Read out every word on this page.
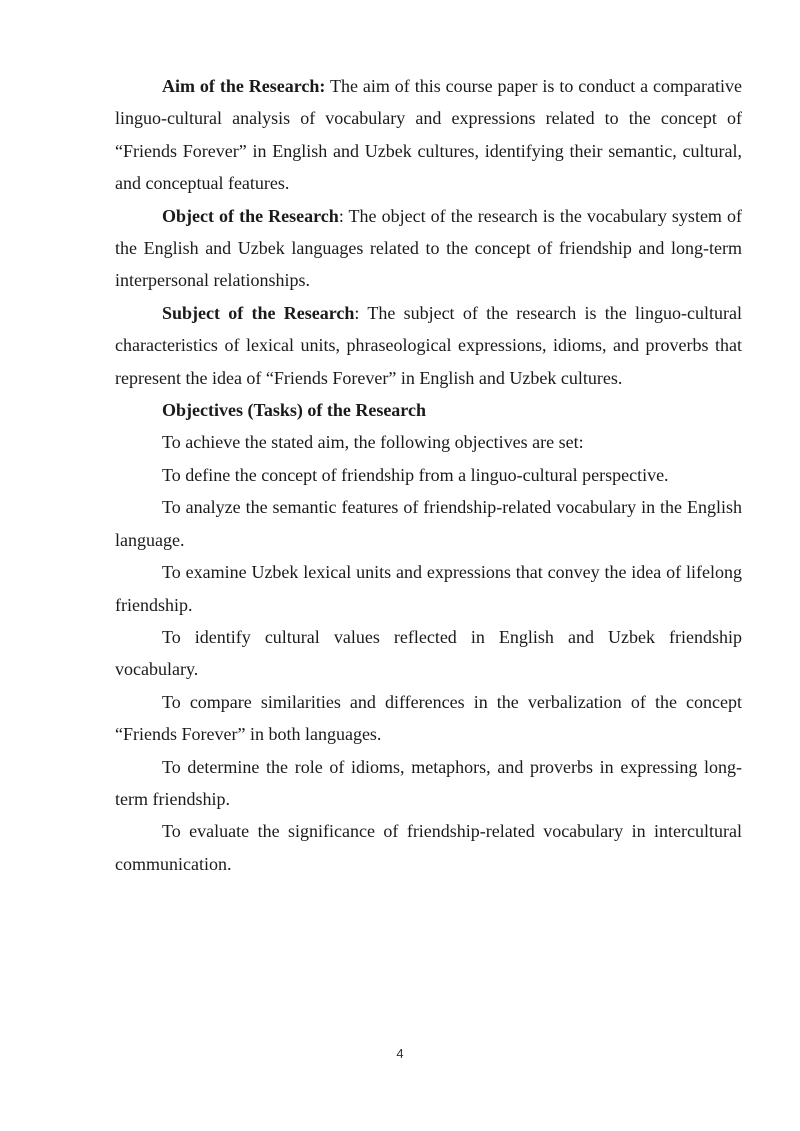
Aim of the Research: The aim of this course paper is to conduct a comparative linguo-cultural analysis of vocabulary and expressions related to the concept of “Friends Forever” in English and Uzbek cultures, identifying their semantic, cultural, and conceptual features.

Object of the Research: The object of the research is the vocabulary system of the English and Uzbek languages related to the concept of friendship and long-term interpersonal relationships.

Subject of the Research: The subject of the research is the linguo-cultural characteristics of lexical units, phraseological expressions, idioms, and proverbs that represent the idea of “Friends Forever” in English and Uzbek cultures.

Objectives (Tasks) of the Research

To achieve the stated aim, the following objectives are set:

To define the concept of friendship from a linguo-cultural perspective.

To analyze the semantic features of friendship-related vocabulary in the English language.

To examine Uzbek lexical units and expressions that convey the idea of lifelong friendship.

To identify cultural values reflected in English and Uzbek friendship vocabulary.

To compare similarities and differences in the verbalization of the concept “Friends Forever” in both languages.

To determine the role of idioms, metaphors, and proverbs in expressing long-term friendship.

To evaluate the significance of friendship-related vocabulary in intercultural communication.

4
